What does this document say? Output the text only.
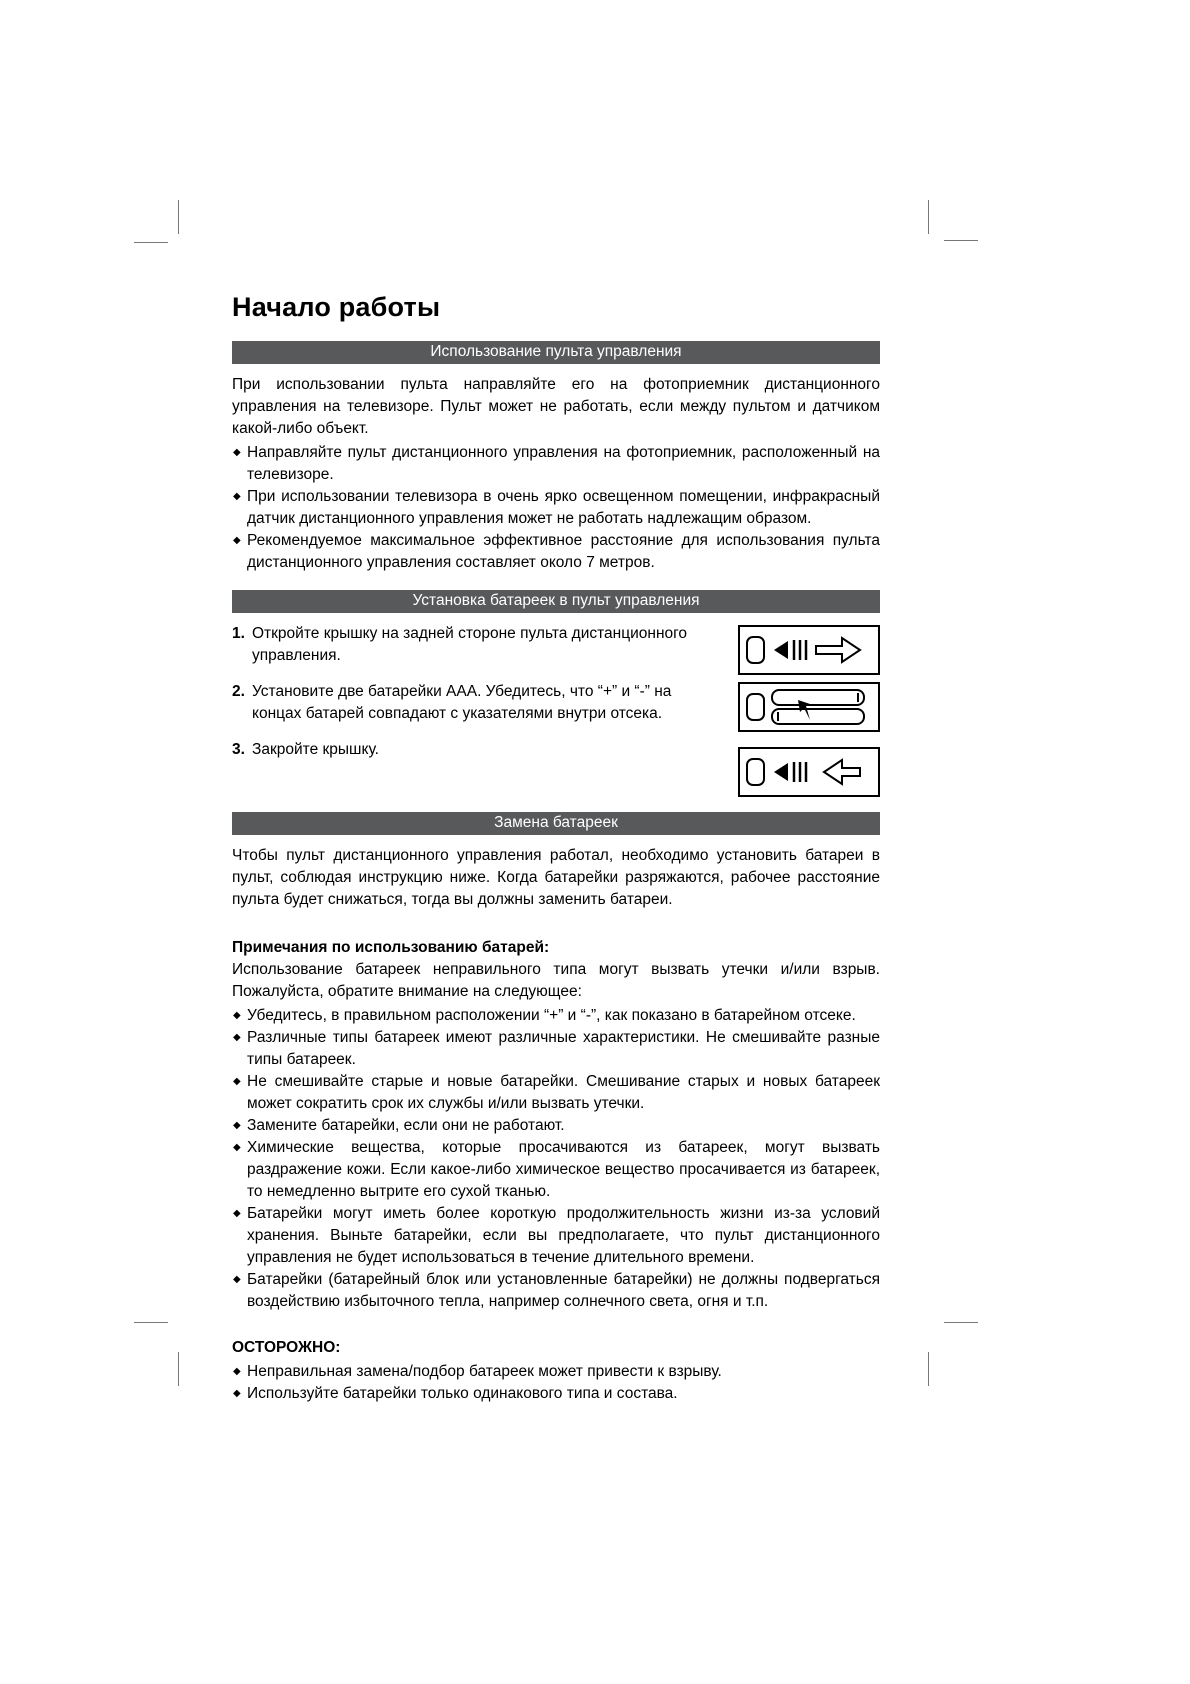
Начало работы
Использование пульта управления

При использовании пульта направляйте его на фотоприемник дистанционного управления на телевизоре. Пульт может не работать, если между пультом и датчиком какой-либо объект.

◆ Направляйте пульт дистанционного управления на фотоприемник, расположенный на телевизоре.
◆ При использовании телевизора в очень ярко освещенном помещении, инфракрасный датчик дистанционного управления может не работать надлежащим образом.
◆ Рекомендуемое максимальное эффективное расстояние для использования пульта дистанционного управления составляет около 7 метров.
Установка батареек в пульт управления
1. Откройте крышку на задней стороне пульта дистанционного управления.
2. Установите две батарейки ААА. Убедитесь, что “+” и “-” на концах батарей совпадают с указателями внутри отсека.
3. Закройте крышку.

Замена батареек

Чтобы пульт дистанционного управления работал, необходимо установить батареи в пульт, соблюдая инструкцию ниже. Когда батарейки разряжаются, рабочее расстояние пульта будет снижаться, тогда вы должны заменить батареи.

Примечания по использованию батарей:

Использование батареек неправильного типа могут вызвать утечки и/или взрыв. Пожалуйста, обратите внимание на следующее:

◆ Убедитесь, в правильном расположении “+” и “-”, как показано в батарейном отсеке.
◆ Различные типы батареек имеют различные характеристики. Не смешивайте разные типы батареек.
◆ Не смешивайте старые и новые батарейки. Смешивание старых и новых батареек может сократить срок их службы и/или вызвать утечки.
◆ Замените батарейки, если они не работают.
◆ Химические вещества, которые просачиваются из батареек, могут вызвать раздражение кожи. Если какое-либо химическое вещество просачивается из батареек, то немедленно вытрите его сухой тканью.
◆ Батарейки могут иметь более короткую продолжительность жизни из-за условий хранения. Выньте батарейки, если вы предполагаете, что пульт дистанционного управления не будет использоваться в течение длительного времени.
◆ Батарейки (батарейный блок или установленные батарейки) не должны подвергаться воздействию избыточного тепла, например солнечного света, огня и т.п.
ОСТОРОЖНО:
◆ Неправильная замена/подбор батареек может привести к взрыву.
◆ Используйте батарейки только одинакового типа и состава.
